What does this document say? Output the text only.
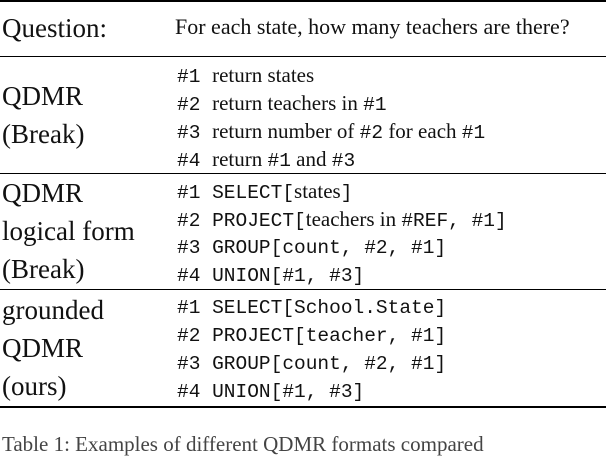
Question:	For each state, how many teachers are there?
QDMR
(Break)
#1 return states
#2 return teachers in #1
#3 return number of #2 for each #1
#4 return #1 and #3
QDMR
logical form
(Break)
#1 SELECT[states]
#2 PROJECT[teachers in #REF, #1]
#3 GROUP[count, #2, #1]
#4 UNION[#1, #3]
grounded
QDMR
(ours)
#1 SELECT[School.State]
#2 PROJECT[teacher, #1]
#3 GROUP[count, #2, #1]
#4 UNION[#1, #3]
Table 1: Examples of different QDMR formats compared
